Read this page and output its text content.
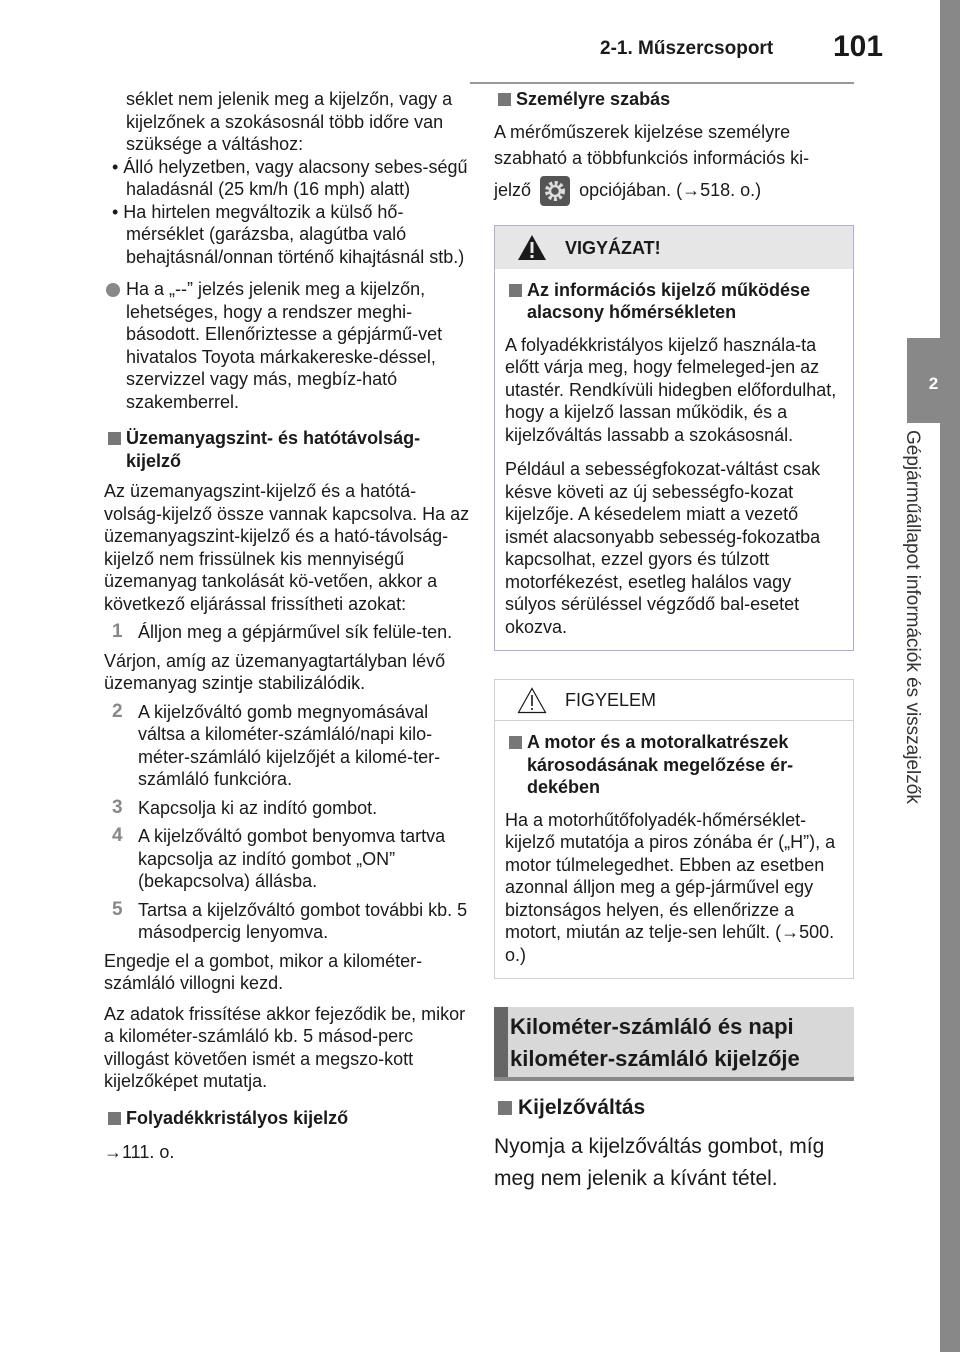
2-1. Műszercsoport 101
2
Gépjárműállapot információk és visszajelzők

séklet nem jelenik meg a kijelzőn, vagy a kijelzőnek a szokásosnál több időre van szüksége a váltáshoz:

• Álló helyzetben, vagy alacsony sebes-ségű haladásnál (25 km/h (16 mph) alatt)

• Ha hirtelen megváltozik a külső hő-mérséklet (garázsba, alagútba való behajtásnál/onnan történő kihajtásnál stb.)

Ha a „--” jelzés jelenik meg a kijelzőn, lehetséges, hogy a rendszer meghi-básodott. Ellenőriztesse a gépjármű-vet hivatalos Toyota márkakereske-déssel, szervizzel vagy más, megbíz-ható szakemberrel.
Üzemanyagszint- és hatótávolság-kijelző

Az üzemanyagszint-kijelző és a hatótá-volság-kijelző össze vannak kapcsolva. Ha az üzemanyagszint-kijelző és a ható-távolság-kijelző nem frissülnek kis mennyiségű üzemanyag tankolását kö-vetően, akkor a következő eljárással frissítheti azokat:

1 Álljon meg a gépjárművel sík felüle-ten.

Várjon, amíg az üzemanyagtartályban lévő üzemanyag szintje stabilizálódik.

2 A kijelzőváltó gomb megnyomásával váltsa a kilométer-számláló/napi kilo-méter-számláló kijelzőjét a kilomé-ter-számláló funkcióra.
3 Kapcsolja ki az indító gombot.
4 A kijelzőváltó gombot benyomva tartva kapcsolja az indító gombot „ON” (bekapcsolva) állásba.
5 Tartsa a kijelzőváltó gombot további kb. 5 másodpercig lenyomva.

Engedje el a gombot, mikor a kilométer-számláló villogni kezd.

Az adatok frissítése akkor fejeződik be, mikor a kilométer-számláló kb. 5 másod-perc villogást követően ismét a megszo-kott kijelzőképet mutatja.

Folyadékkristályos kijelző

→111. o.

Személyre szabás

A mérőműszerek kijelzése személyre szabható a többfunkciós információs ki-

jelző	opciójában. (→518. o.)

VIGYÁZAT!
Az információs kijelző működése alacsony hőmérsékleten

A folyadékkristályos kijelző használa-ta előtt várja meg, hogy felmeleged-jen az utastér. Rendkívüli hidegben előfordulhat, hogy a kijelző lassan működik, és a kijelzőváltás lassabb a szokásosnál.

Például a sebességfokozat-váltást csak késve követi az új sebességfo-kozat kijelzője. A késedelem miatt a vezető ismét alacsonyabb sebesség-fokozatba kapcsolhat, ezzel gyors és túlzott motorfékezést, esetleg halálos vagy súlyos sérüléssel végződő bal-esetet okozva.

FIGYELEM
A motor és a motoralkatrészek károsodásának megelőzése ér-dekében

Ha a motorhűtőfolyadék-hőmérséklet-kijelző mutatója a piros zónába ér („H”), a motor túlmelegedhet. Ebben az esetben azonnal álljon meg a gép-járművel egy biztonságos helyen, és ellenőrizze a motort, miután az telje-sen lehűlt. (→500. o.)

Kilométer-számláló és napi
kilométer-számláló kijelzője
Kijelzőváltás

Nyomja a kijelzőváltás gombot, míg meg nem jelenik a kívánt tétel.
